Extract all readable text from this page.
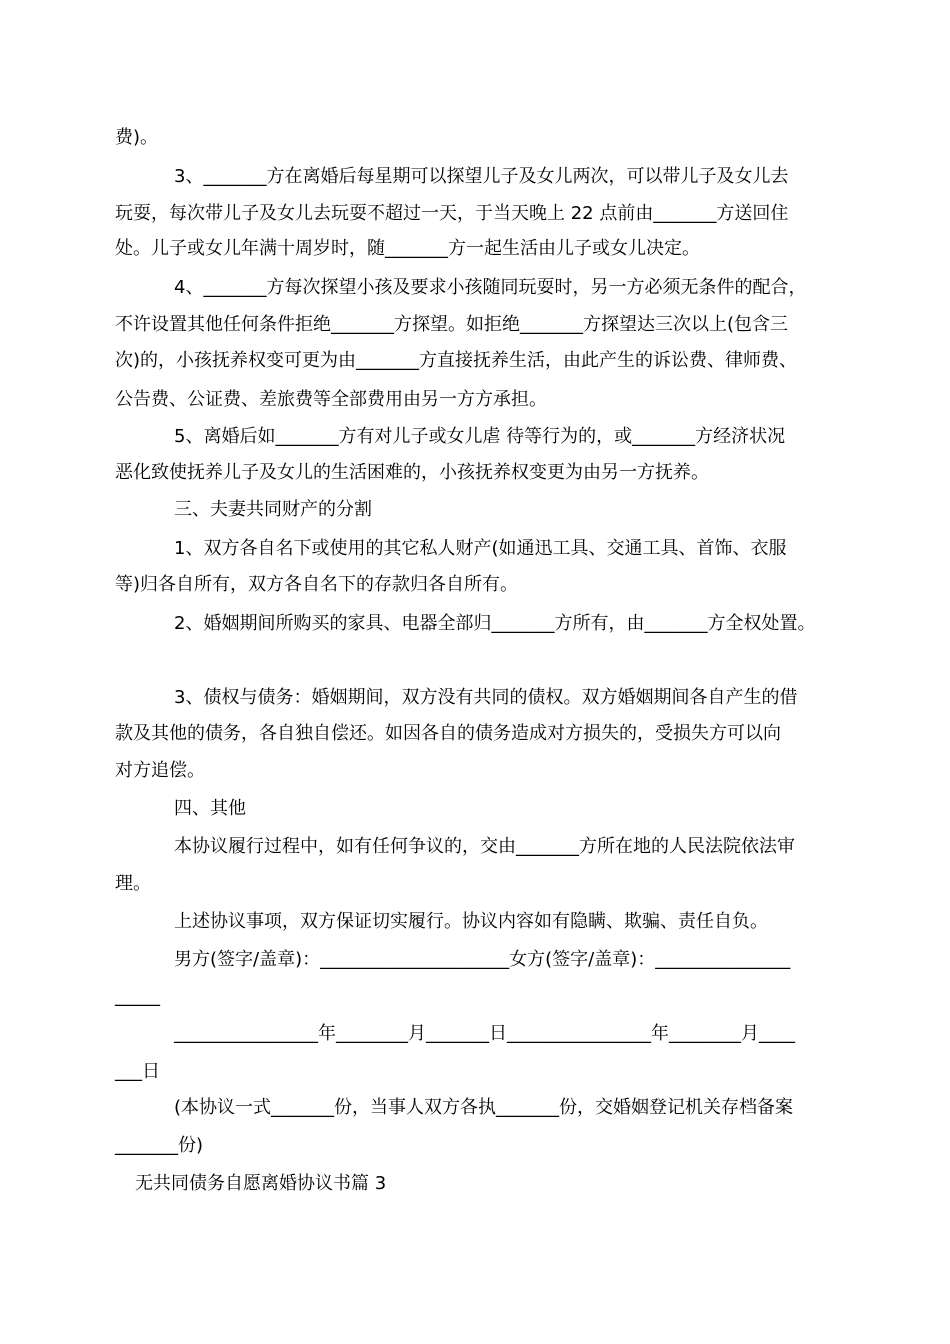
费)。
3、_______方在离婚后每星期可以探望儿子及女儿两次，可以带儿子及女儿去
玩耍，每次带儿子及女儿去玩耍不超过一天，于当天晚上 22 点前由_______方送回住
处。儿子或女儿年满十周岁时，随_______方一起生活由儿子或女儿决定。
4、_______方每次探望小孩及要求小孩随同玩耍时，另一方必须无条件的配合，
不许设置其他任何条件拒绝_______方探望。如拒绝_______方探望达三次以上(包含三
次)的，小孩抚养权变可更为由_______方直接抚养生活，由此产生的诉讼费、律师费、
公告费、公证费、差旅费等全部费用由另一方方承担。
5、离婚后如_______方有对儿子或女儿虐 待等行为的，或_______方经济状况
恶化致使抚养儿子及女儿的生活困难的，小孩抚养权变更为由另一方抚养。
三、夫妻共同财产的分割
1、双方各自名下或使用的其它私人财产(如通迅工具、交通工具、首饰、衣服
等)归各自所有，双方各自名下的存款归各自所有。
2、婚姻期间所购买的家具、电器全部归_______方所有，由_______方全权处置。
3、债权与债务：婚姻期间，双方没有共同的债权。双方婚姻期间各自产生的借
款及其他的债务，各自独自偿还。如因各自的债务造成对方损失的，受损失方可以向
对方追偿。
四、其他
本协议履行过程中，如有任何争议的，交由_______方所在地的人民法院依法审
理。
上述协议事项，双方保证切实履行。协议内容如有隐瞒、欺骗、责任自负。
男方(签字/盖章)：_____________________女方(签字/盖章)：_______________
_____
________________年________月_______日________________年________月____
___日
(本协议一式_______份，当事人双方各执_______份，交婚姻登记机关存档备案
_______份)
无共同债务自愿离婚协议书篇 3
